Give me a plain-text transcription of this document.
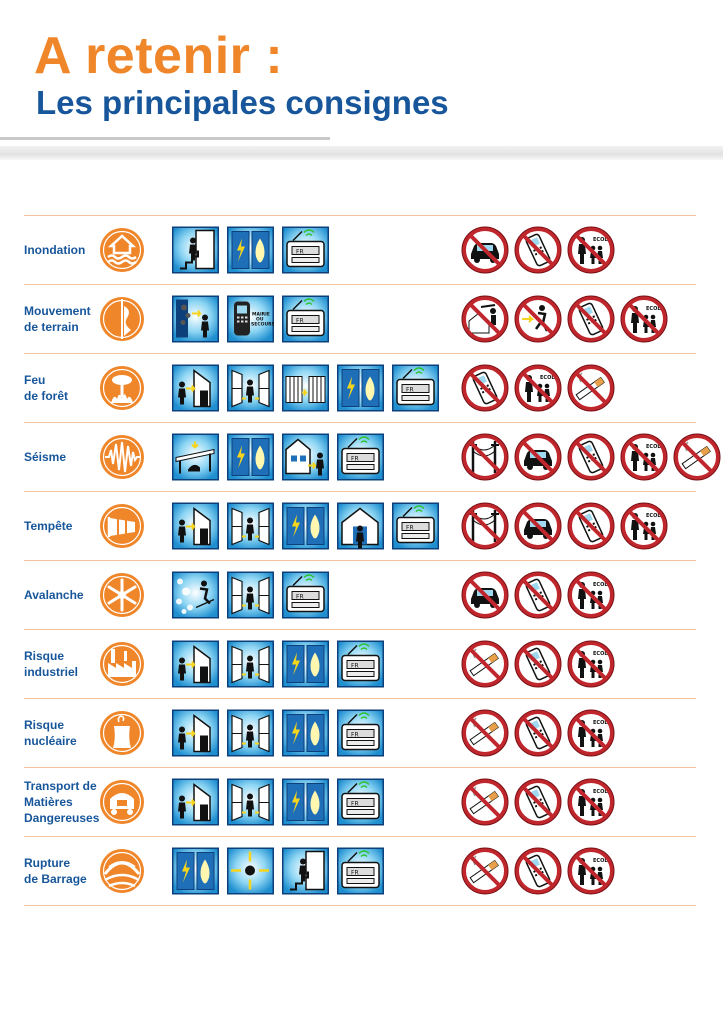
A retenir :
Les principales consignes
Inondation	FR
ECOLE
Mouvement
de terrain
MAIRIE
OU
SECOURS
FR
ECOLE
Feu
de forêt	FR
ECOLE
Séisme	FR
ECOLE
Tempête	FR
ECOLE
Avalanche	FR
ECOLE
Risque
industriel	FR
ECOLE
Risque
nucléaire	FR
ECOLE
Transport de
Matières
Dangereuses
FR
ECOLE
Rupture
de Barrage	FR
ECOLE
